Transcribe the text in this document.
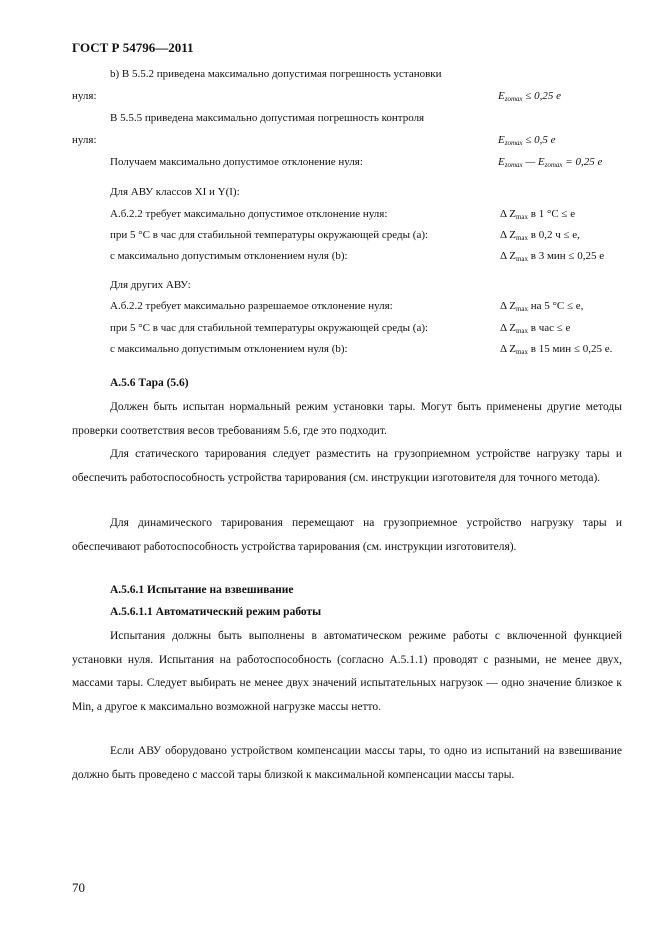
ГОСТ Р 54796—2011
b) В 5.5.2 приведена максимально допустимая погрешность установки
нуля:	$E_{zomax} \le 0,25$ e
В 5.5.5 приведена максимально допустимая погрешность контроля
нуля:	$E_{zomax} \le 0,5$ e
Получаем максимально допустимое отклонение нуля:	$E_{zomax}$ — $E_{zomax} = 0,25$ e
Для АВУ классов XI и Y(I):
А.б.2.2 требует максимально допустимое отклонение нуля:	Δ $Z_{max}$ в 1 °С ≤ e
при 5 °С в час для стабильной температуры окружающей среды (а):	Δ $Z_{max}$ в 0,2 ч ≤ e,
с максимально допустимым отклонением нуля (b):	Δ $Z_{max}$ в 3 мин ≤ 0,25 e
Для других АВУ:
А.б.2.2 требует максимально разрешаемое отклонение нуля:	Δ $Z_{max}$ на 5 °С ≤ e,
при 5 °С в час для стабильной температуры окружающей среды (а):	Δ $Z_{max}$ в час ≤ e
с максимально допустимым отклонением нуля (b):	Δ $Z_{max}$ в 15 мин ≤ 0,25 e.
А.5.6 Тара (5.6)
Должен быть испытан нормальный режим установки тары. Могут быть применены другие методы проверки соответствия весов требованиям 5.6, где это подходит.
Для статического тарирования следует разместить на грузоприемном устройстве нагрузку тары и обеспечить работоспособность устройства тарирования (см. инструкции изготовителя для точного метода).
Для динамического тарирования перемещают на грузоприемное устройство нагрузку тары и обеспечивают работоспособность устройства тарирования (см. инструкции изготовителя).
А.5.6.1 Испытание на взвешивание
А.5.6.1.1 Автоматический режим работы
Испытания должны быть выполнены в автоматическом режиме работы с включенной функцией установки нуля. Испытания на работоспособность (согласно А.5.1.1) проводят с разными, не менее двух, массами тары. Следует выбирать не менее двух значений испытательных нагрузок — одно значение близкое к Min, а другое к максимально возможной нагрузке массы нетто.
Если АВУ оборудовано устройством компенсации массы тары, то одно из испытаний на взвешивание должно быть проведено с массой тары близкой к максимальной компенсации массы тары.
70
